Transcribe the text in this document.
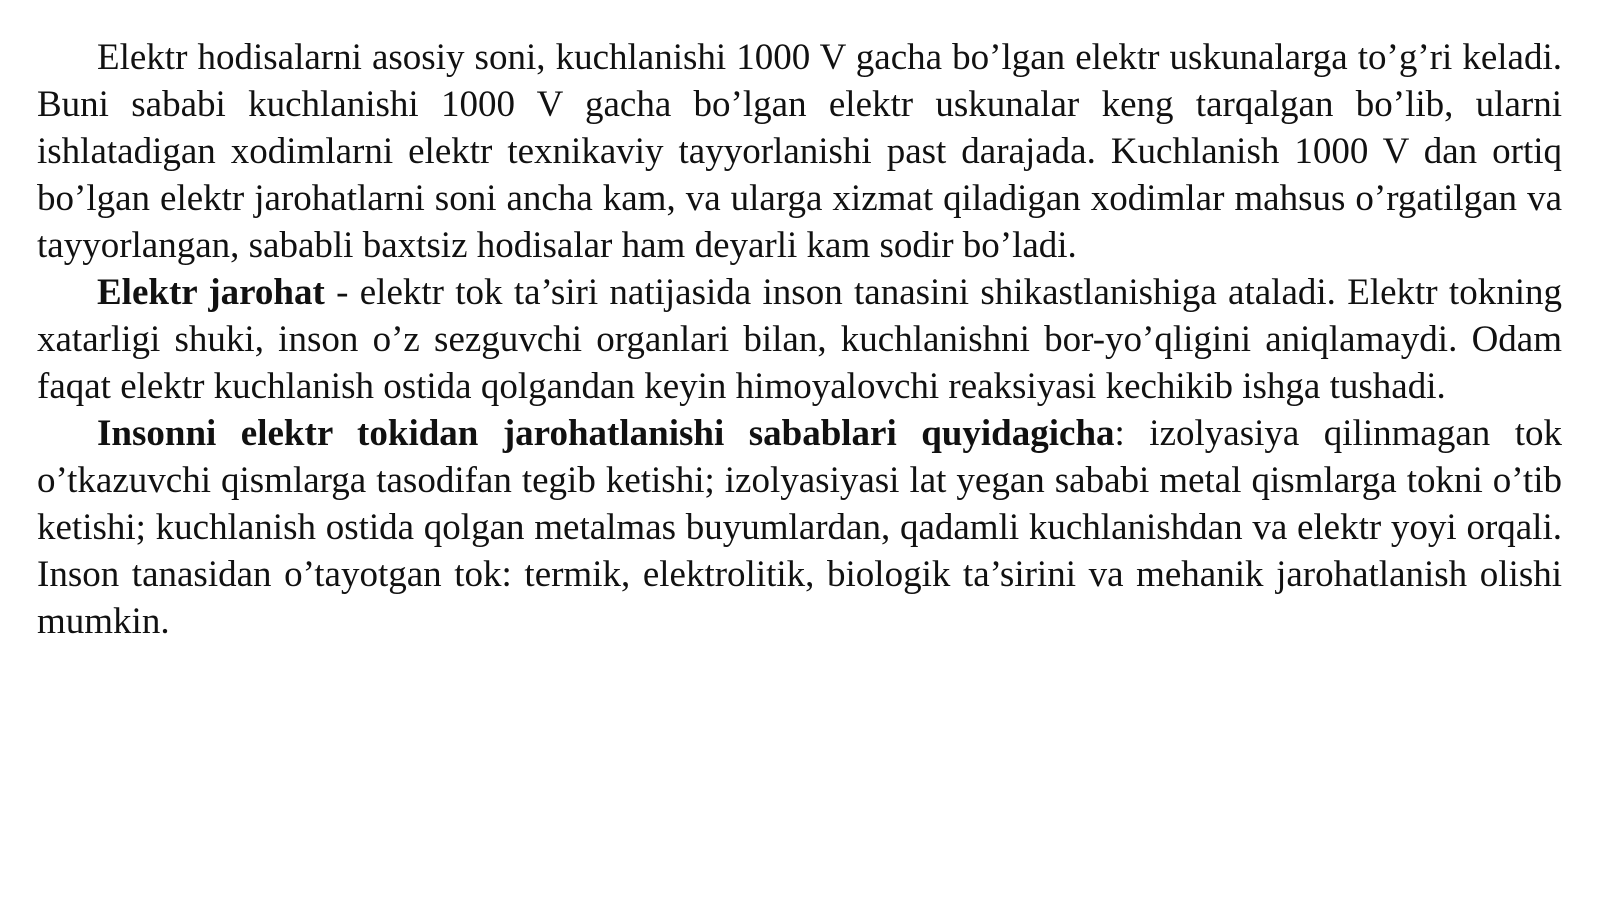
Elektr hodisalarni asosiy soni, kuchlanishi 1000 V gacha bo’lgan elektr uskunalarga to’g’ri keladi. Buni sababi kuchlanishi 1000 V gacha bo’lgan elektr uskunalar keng tarqalgan bo’lib, ularni ishlatadigan xodimlarni elektr texnikaviy tayyorlanishi past darajada. Kuchlanish 1000 V dan ortiq bo’lgan elektr jarohatlarni soni ancha kam, va ularga xizmat qiladigan xodimlar mahsus o’rgatilgan va tayyorlangan, sababli baxtsiz hodisalar ham deyarli kam sodir bo’ladi.

Elektr jarohat - elektr tok ta’siri natijasida inson tanasini shikastlanishiga ataladi. Elektr tokning xatarligi shuki, inson o’z sezguvchi organlari bilan, kuchlanishni bor-yo’qligini aniqlamaydi. Odam faqat elektr kuchlanish ostida qolgandan keyin himoyalovchi reaksiyasi kechikib ishga tushadi.

Insonni elektr tokidan jarohatlanishi sabablari quyidagicha: izolyasiya qilinmagan tok o’tkazuvchi qismlarga tasodifan tegib ketishi; izolyasiyasi lat yegan sababi metal qismlarga tokni o’tib ketishi; kuchlanish ostida qolgan metalmas buyumlardan, qadamli kuchlanishdan va elektr yoyi orqali. Inson tanasidan o’tayotgan tok: termik, elektrolitik, biologik ta’sirini va mehanik jarohatlanish olishi mumkin.
